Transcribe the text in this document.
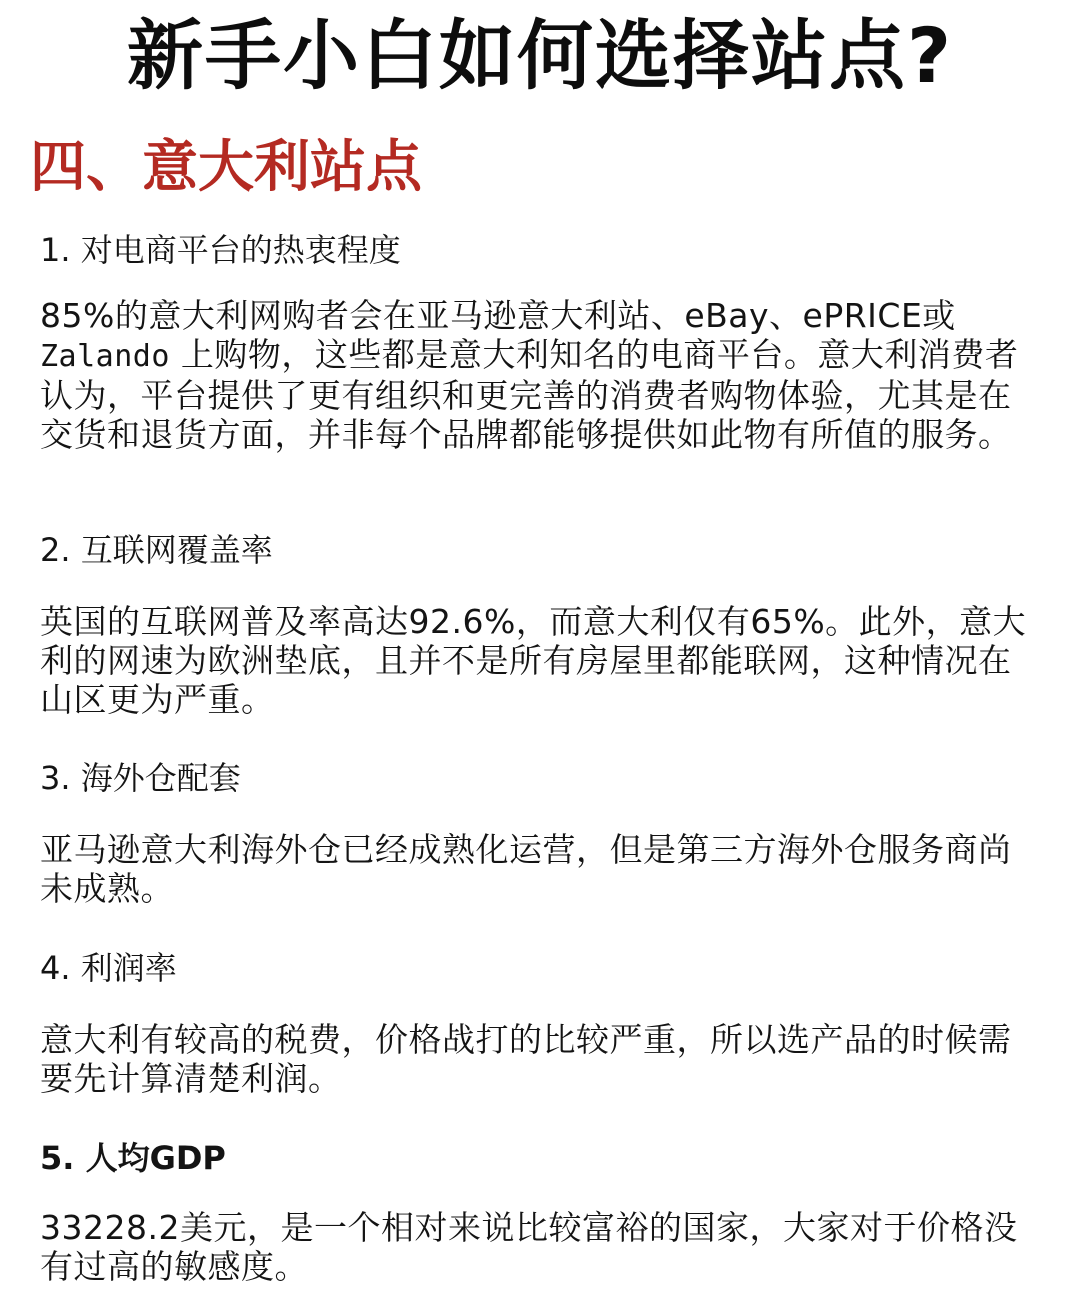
新手小白如何选择站点?
四、意大利站点
1. 对电商平台的热衷程度

85%的意大利网购者会在亚马逊意大利站、eBay、ePRICE或
Zalando 上购物，这些都是意大利知名的电商平台。意大利消费者认为，平台提供了更有组织和更完善的消费者购物体验，尤其是在交货和退货方面，并非每个品牌都能够提供如此物有所值的服务。

2. 互联网覆盖率

英国的互联网普及率高达92.6%，而意大利仅有65%。此外，意大利的网速为欧洲垫底，且并不是所有房屋里都能联网，这种情况在山区更为严重。

3. 海外仓配套

亚马逊意大利海外仓已经成熟化运营，但是第三方海外仓服务商尚未成熟。

4. 利润率

意大利有较高的税费，价格战打的比较严重，所以选产品的时候需要先计算清楚利润。

5. 人均GDP

33228.2美元，是一个相对来说比较富裕的国家，大家对于价格没有过高的敏感度。
